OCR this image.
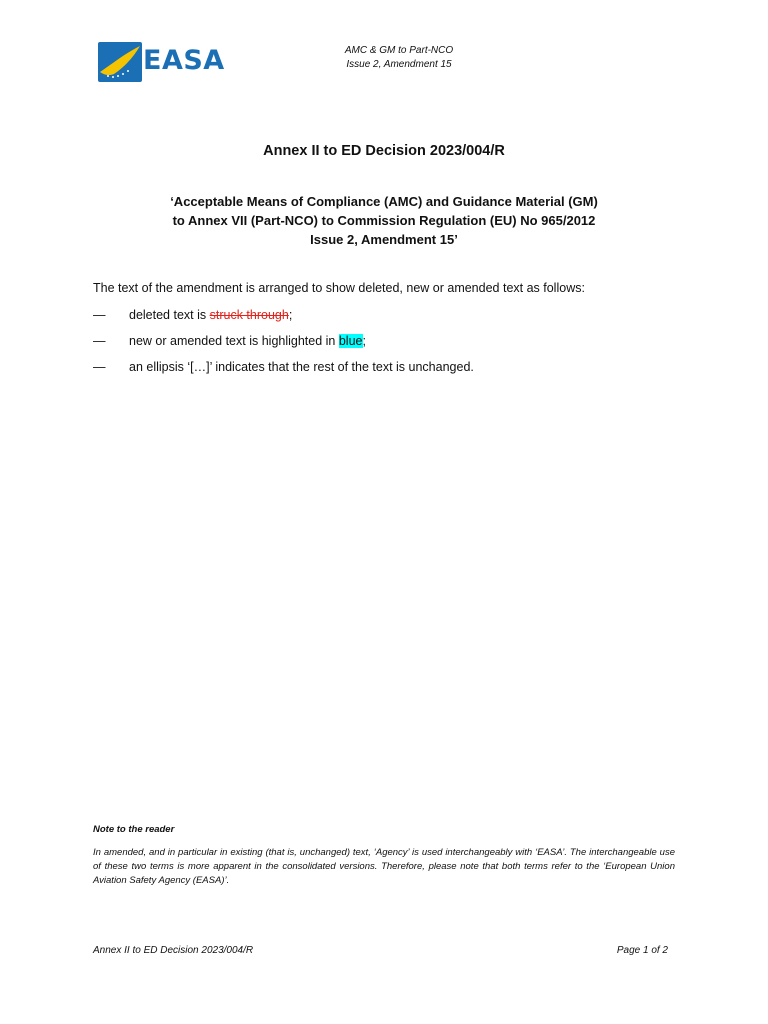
EASA	AMC & GM to Part-NCO
Issue 2, Amendment 15
Annex II to ED Decision 2023/004/R
‘Acceptable Means of Compliance (AMC) and Guidance Material (GM)
to Annex VII (Part-NCO) to Commission Regulation (EU) No 965/2012
Issue 2, Amendment 15’
The text of the amendment is arranged to show deleted, new or amended text as follows:
— deleted text is struck through;
— new or amended text is highlighted in blue;
— an ellipsis ‘[…]’ indicates that the rest of the text is unchanged.
Note to the reader
In amended, and in particular in existing (that is, unchanged) text, ‘Agency’ is used interchangeably with ‘EASA’. The interchangeable use of these two terms is more apparent in the consolidated versions. Therefore, please note that both terms refer to the ‘European Union Aviation Safety Agency (EASA)’.
Annex II to ED Decision 2023/004/R	Page 1 of 2
